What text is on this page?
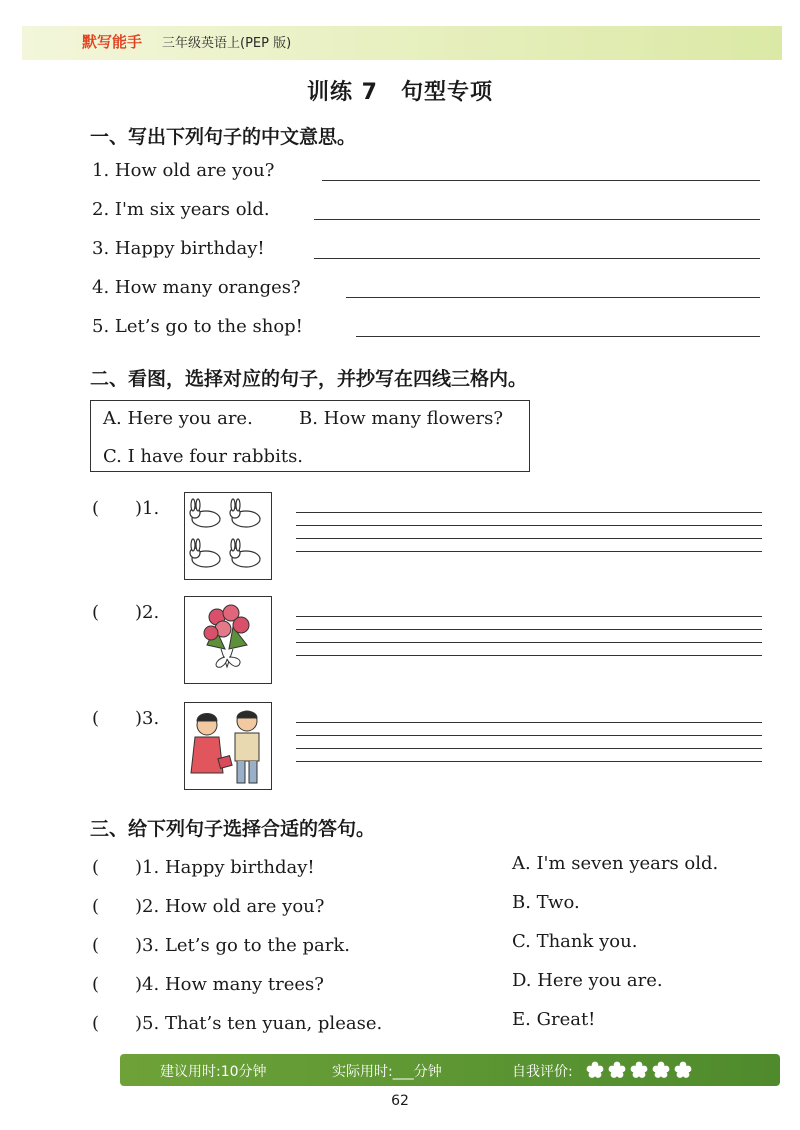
默写能手 三年级英语上(PEP 版)
训练 7　句型专项
一、写出下列句子的中文意思。
1. How old are you?
2. I'm six years old.
3. Happy birthday!
4. How many oranges?
5. Let’s go to the shop!
二、看图，选择对应的句子，并抄写在四线三格内。
A. Here you are.	B. How many flowers?
C. I have four rabbits.
(　　)1.
(　　)2.
(　　)3.
三、给下列句子选择合适的答句。
(　　)1. Happy birthday!
(　　)2. How old are you?
(　　)3. Let’s go to the park.
(　　)4. How many trees?
(　　)5. That’s ten yuan, please.
A. I'm seven years old.
B. Two.
C. Thank you.
D. Here you are.
E. Great!
建议用时:10分钟	实际用时:___分钟	自我评价:
62
